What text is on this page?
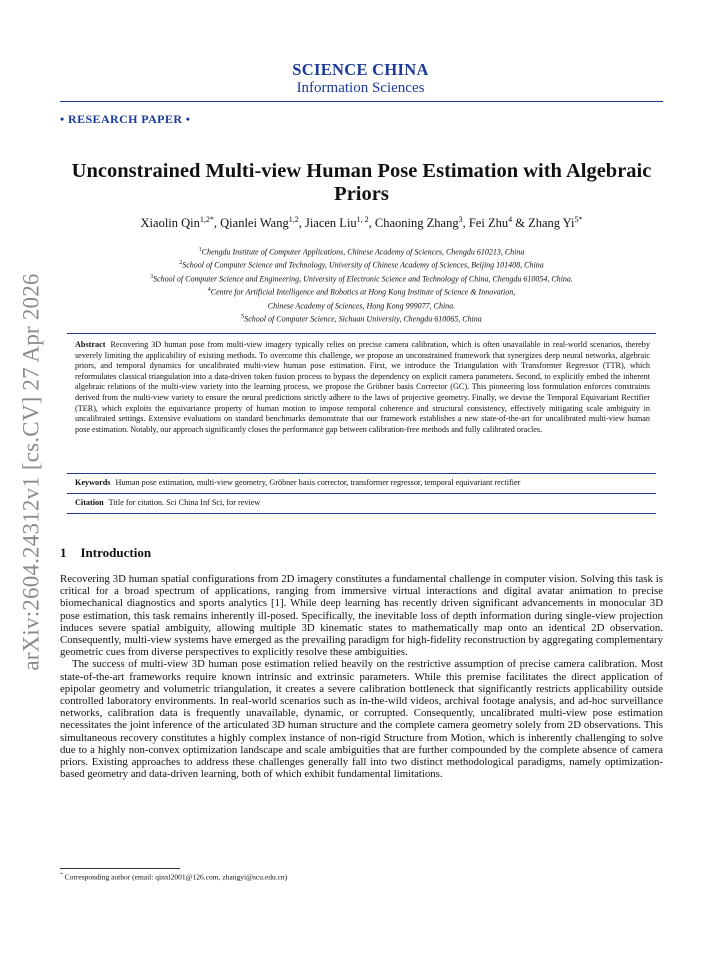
arXiv:2604.24312v1 [cs.CV] 27 Apr 2026
SCIENCE CHINA
Information Sciences
• RESEARCH PAPER •
Unconstrained Multi-view Human Pose Estimation with Algebraic Priors
Xiaolin Qin$^{1,2*}$, Qianlei Wang$^{1,2}$, Jiacen Liu$^{1, 2}$, Chaoning Zhang$^3$, Fei Zhu$^4$ & Zhang $Yi^{5*}$
$^1$Chengdu Institute of Computer Applications, Chinese Academy of Sciences, Chengdu 610213, China
$^2$School of Computer Science and Technology, University of Chinese Academy of Sciences, Beijing 101408, China
$^3$School of Computer Science and Engineering, University of Electronic Science and Technology of China, Chengdu 610054, China.
$^4$Centre for Artificial Intelligence and Robotics at Hong Kong Institute of Science & Innovation,
Chinese Academy of Sciences, Hong Kong 999077, China.
$^5$School of Computer Science, Sichuan University, Chengdu 610065, China
Abstract Recovering 3D human pose from multi-view imagery typically relies on precise camera calibration, which is often unavailable in real-world scenarios, thereby severely limiting the applicability of existing methods. To overcome this challenge, we propose an unconstrained framework that synergizes deep neural networks, algebraic priors, and temporal dynamics for uncalibrated multi-view human pose estimation. First, we introduce the Triangulation with Transformer Regressor (TTR), which reformulates classical triangulation into a data-driven token fusion process to bypass the dependency on explicit camera parameters. Second, to explicitly embed the inherent algebraic relations of the multi-view variety into the learning process, we propose the Gröbner basis Corrector (GC). This pioneering loss formulation enforces constraints derived from the multi-view variety to ensure the neural predictions strictly adhere to the laws of projective geometry. Finally, we devise the Temporal Equivariant Rectifier (TER), which exploits the equivariance property of human motion to impose temporal coherence and structural consistency, effectively mitigating scale ambiguity in uncalibrated settings. Extensive evaluations on standard benchmarks demonstrate that our framework establishes a new state-of-the-art for uncalibrated multi-view human pose estimation. Notably, our approach significantly closes the performance gap between calibration-free methods and fully calibrated oracles.
Keywords Human pose estimation, multi-view geometry, Gröbner basis corrector, transformer regressor, temporal equivariant rectifier
Citation Title for citation. Sci China Inf Sci, for review
1 Introduction

Recovering 3D human spatial configurations from 2D imagery constitutes a fundamental challenge in computer vision. Solving this task is critical for a broad spectrum of applications, ranging from immersive virtual interactions and digital avatar animation to precise biomechanical diagnostics and sports analytics [1]. While deep learning has recently driven significant advancements in monocular 3D pose estimation, this task remains inherently ill-posed. Specifically, the inevitable loss of depth information during single-view projection induces severe spatial ambiguity, allowing multiple 3D kinematic states to mathematically map onto an identical 2D observation. Consequently, multi-view systems have emerged as the prevailing paradigm for high-fidelity reconstruction by aggregating complementary geometric cues from diverse perspectives to explicitly resolve these ambiguities.

The success of multi-view 3D human pose estimation relied heavily on the restrictive assumption of precise camera calibration. Most state-of-the-art frameworks require known intrinsic and extrinsic parameters. While this premise facilitates the direct application of epipolar geometry and volumetric triangulation, it creates a severe calibration bottleneck that significantly restricts applicability outside controlled laboratory environments. In real-world scenarios such as in-the-wild videos, archival footage analysis, and ad-hoc surveillance networks, calibration data is frequently unavailable, dynamic, or corrupted. Consequently, uncalibrated multi-view pose estimation necessitates the joint inference of the articulated 3D human structure and the complete camera geometry solely from 2D observations. This simultaneous recovery constitutes a highly complex instance of non-rigid Structure from Motion, which is inherently challenging to solve due to a highly non-convex optimization landscape and scale ambiguities that are further compounded by the complete absence of camera priors. Existing approaches to address these challenges generally fall into two distinct methodological paradigms, namely optimization-based geometry and data-driven learning, both of which exhibit fundamental limitations.

* Corresponding author (email: qinxl2001@126.com, zhangyi@scu.edu.cn)
